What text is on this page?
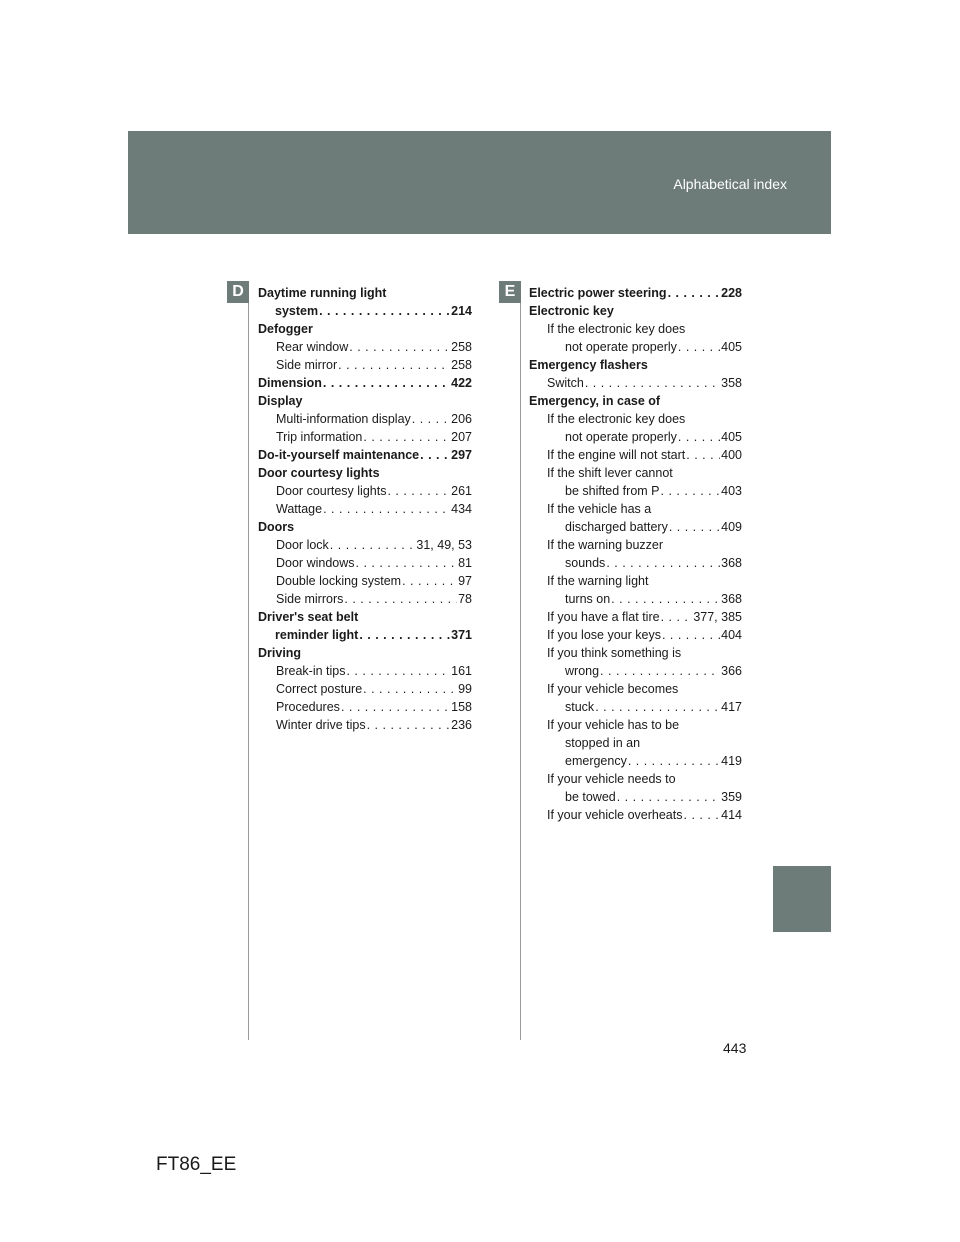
Alphabetical index
D	E
Daytime running light
system . . .	214
Defogger
Rear window . . .	258
Side mirror . . .	258
Dimension . . .	422
Display
Multi-information display . . .	206
Trip information . . .	207
Do-it-yourself maintenance . . .	297
Door courtesy lights
Door courtesy lights . . .	261
Wattage . . .	434
Doors
Door lock . . .	31, 49, 53
Door windows . . .	81
Double locking system . . .	97
Side mirrors . . .	78
Driver's seat belt
reminder light . . .	371
Driving
Break-in tips . . .	161
Correct posture . . .	99
Procedures . . .	158
Winter drive tips . . .	236
Electric power steering . . .	228
Electronic key
If the electronic key does
not operate properly . . .	405
Emergency flashers
Switch . . .	358
Emergency, in case of
If the electronic key does
not operate properly . . .	405
If the engine will not start . . .	400
If the shift lever cannot
be shifted from P . . .	403
If the vehicle has a
discharged battery . . .	409
If the warning buzzer
sounds . . .	368
If the warning light
turns on . . .	368
If you have a flat tire . . .	377, 385
If you lose your keys . . .	404
If you think something is
wrong . . .	366
If your vehicle becomes
stuck . . .	417
If your vehicle has to be
stopped in an
emergency . . .	419
If your vehicle needs to
be towed . . .	359
If your vehicle overheats . . .	414
443
FT86_EE
